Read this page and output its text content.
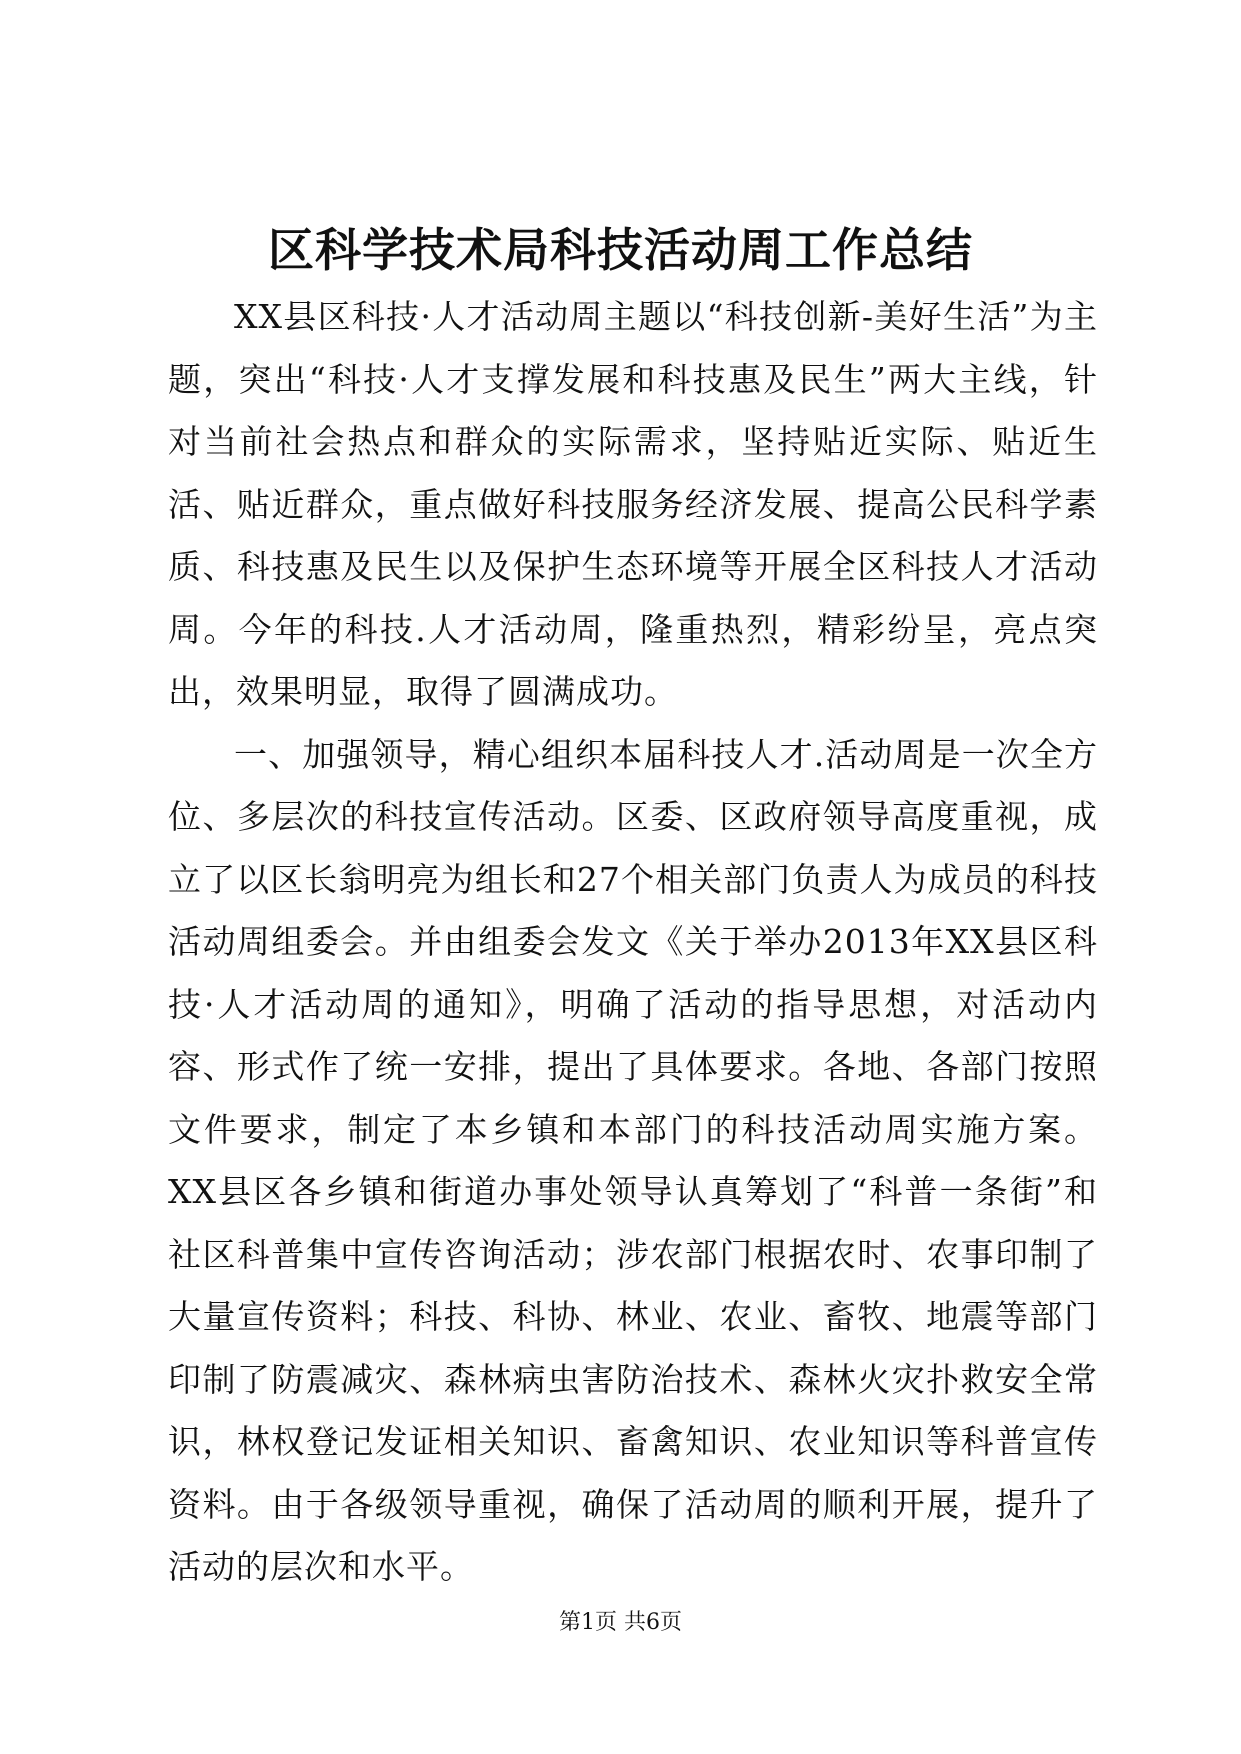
区科学技术局科技活动周工作总结

XX县区科技·人才活动周主题以“科技创新-美好生活”为主题，突出“科技·人才支撑发展和科技惠及民生”两大主线，针对当前社会热点和群众的实际需求，坚持贴近实际、贴近生活、贴近群众，重点做好科技服务经济发展、提高公民科学素质、科技惠及民生以及保护生态环境等开展全区科技人才活动周。今年的科技.人才活动周，隆重热烈，精彩纷呈，亮点突出，效果明显，取得了圆满成功。

一、加强领导，精心组织本届科技人才.活动周是一次全方位、多层次的科技宣传活动。区委、区政府领导高度重视，成立了以区长翁明亮为组长和27个相关部门负责人为成员的科技活动周组委会。并由组委会发文《关于举办2013年XX县区科技·人才活动周的通知》，明确了活动的指导思想，对活动内容、形式作了统一安排，提出了具体要求。各地、各部门按照文件要求，制定了本乡镇和本部门的科技活动周实施方案。XX县区各乡镇和街道办事处领导认真筹划了“科普一条街”和社区科普集中宣传咨询活动；涉农部门根据农时、农事印制了大量宣传资料；科技、科协、林业、农业、畜牧、地震等部门印制了防震减灾、森林病虫害防治技术、森林火灾扑救安全常识，林权登记发证相关知识、畜禽知识、农业知识等科普宣传资料。由于各级领导重视，确保了活动周的顺利开展，提升了活动的层次和水平。

第1页 共6页
